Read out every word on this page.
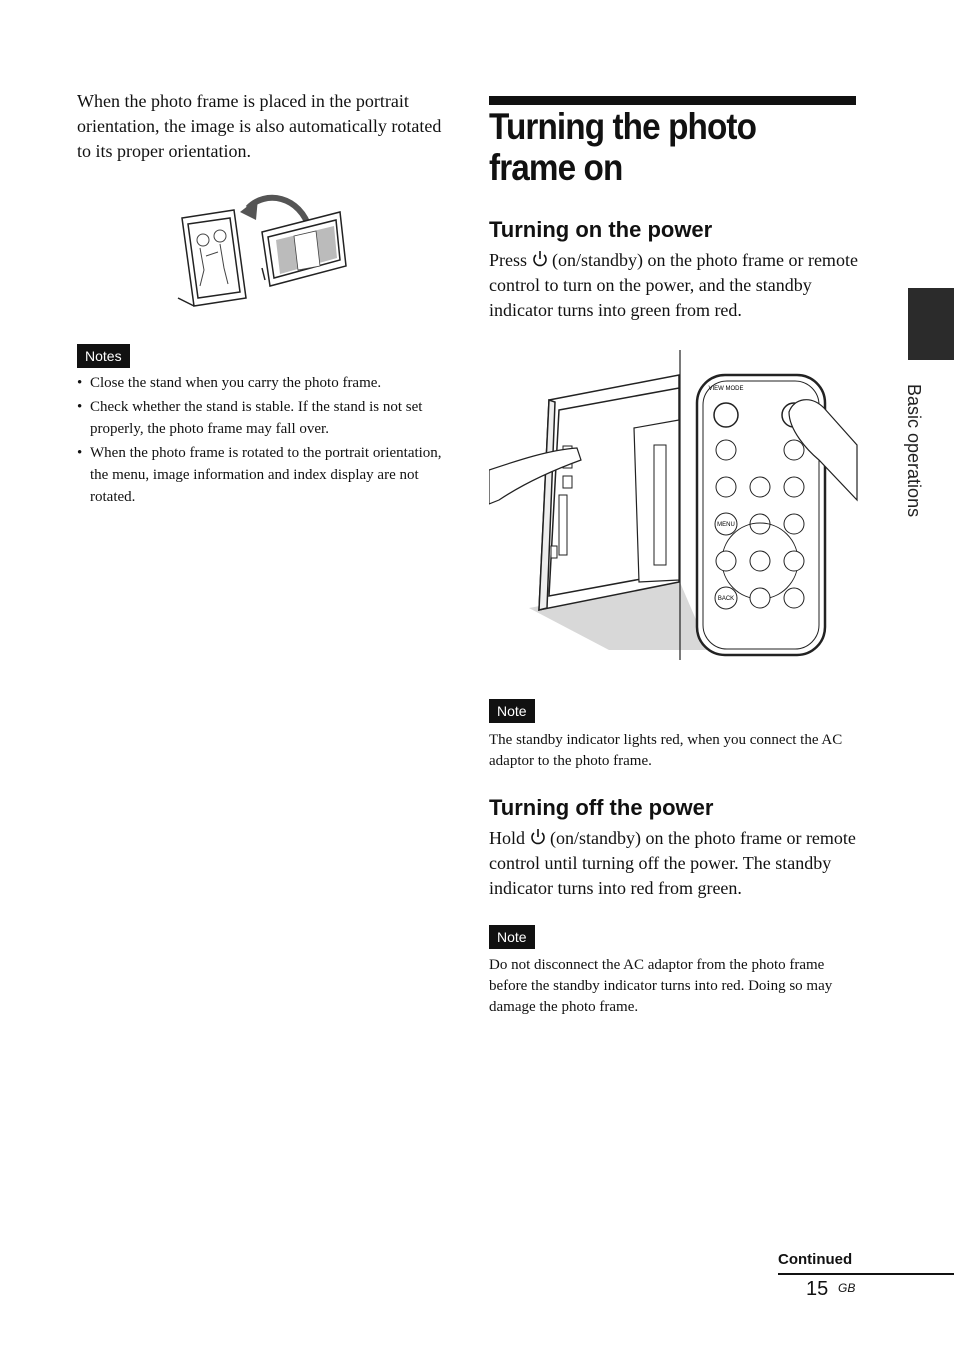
When the photo frame is placed in the portrait orientation, the image is also automatically rotated to its proper orientation.
Notes
• Close the stand when you carry the photo frame.
• Check whether the stand is stable. If the stand is not set properly, the photo frame may fall over.
• When the photo frame is rotated to the portrait orientation, the menu, image information and index display are not rotated.
Turning the photo frame on
Turning on the power
Press (on/standby) on the photo frame or remote control to turn on the power, and the standby indicator turns into green from red.
VIEW MODE
MENU
BACK
Note
The standby indicator lights red, when you connect the AC adaptor to the photo frame.
Turning off the power
Hold (on/standby) on the photo frame or remote control until turning off the power. The standby indicator turns into red from green.
Note
Do not disconnect the AC adaptor from the photo frame before the standby indicator turns into red. Doing so may damage the photo frame.
Basic operations
Continued
15 GB
